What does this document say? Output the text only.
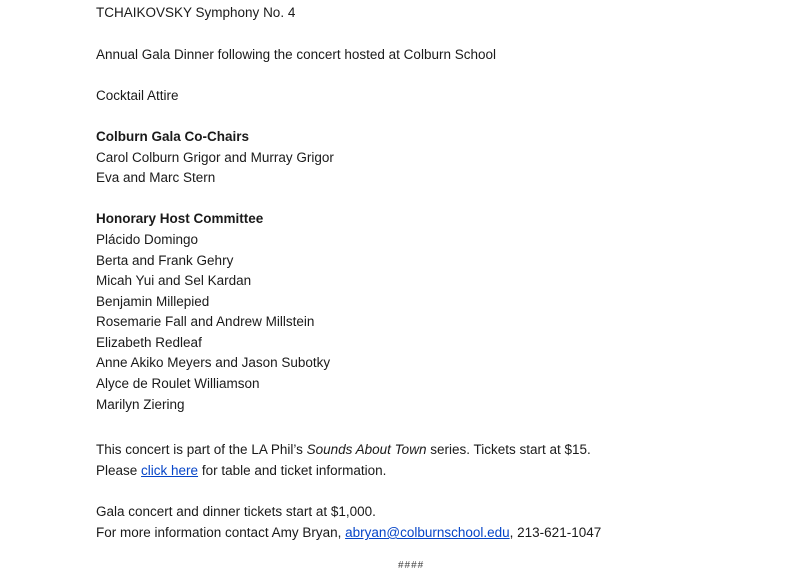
TCHAIKOVSKY Symphony No. 4
Annual Gala Dinner following the concert hosted at Colburn School
Cocktail Attire
Colburn Gala Co-Chairs
Carol Colburn Grigor and Murray Grigor
Eva and Marc Stern
Honorary Host Committee
Plácido Domingo
Berta and Frank Gehry
Micah Yui and Sel Kardan
Benjamin Millepied
Rosemarie Fall and Andrew Millstein
Elizabeth Redleaf
Anne Akiko Meyers and Jason Subotky
Alyce de Roulet Williamson
Marilyn Ziering
This concert is part of the LA Phil’s Sounds About Town series. Tickets start at $15.
Please click here for table and ticket information.
Gala concert and dinner tickets start at $1,000.
For more information contact Amy Bryan, abryan@colburnschool.edu, 213-621-1047
####
